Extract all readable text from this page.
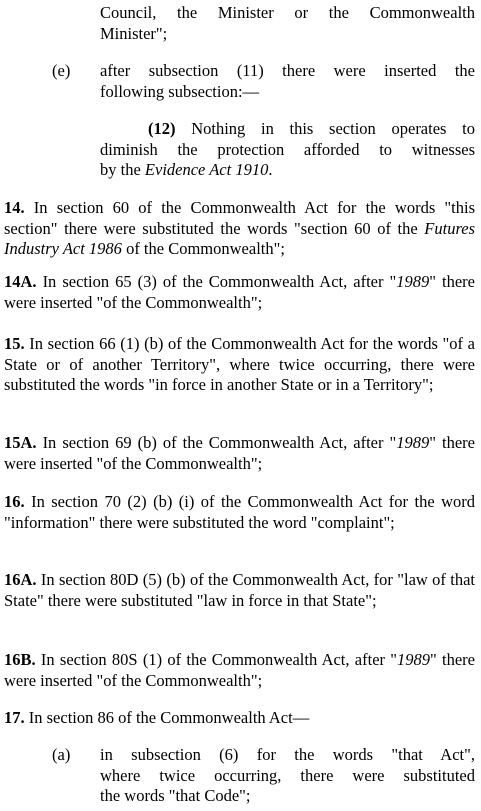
Council, the Minister or the Commonwealth
Minister";
(e) after subsection (11) there were inserted the
following subsection:—
(12) Nothing in this section operates to
diminish the protection afforded to witnesses
by the Evidence Act 1910.
14. In section 60 of the Commonwealth Act for the words "this section" there were substituted the words "section 60 of the Futures Industry Act 1986 of the Commonwealth";
14A. In section 65 (3) of the Commonwealth Act, after "1989" there were inserted "of the Commonwealth";
15. In section 66 (1) (b) of the Commonwealth Act for the words "of a State or of another Territory", where twice occurring, there were substituted the words "in force in another State or in a Territory";
15A. In section 69 (b) of the Commonwealth Act, after "1989" there were inserted "of the Commonwealth";
16. In section 70 (2) (b) (i) of the Commonwealth Act for the word "information" there were substituted the word "complaint";
16A. In section 80D (5) (b) of the Commonwealth Act, for "law of that State" there were substituted "law in force in that State";
16B. In section 80S (1) of the Commonwealth Act, after "1989" there were inserted "of the Commonwealth";
17. In section 86 of the Commonwealth Act—
(a) in subsection (6) for the words "that Act",
where twice occurring, there were substituted
the words "that Code";
